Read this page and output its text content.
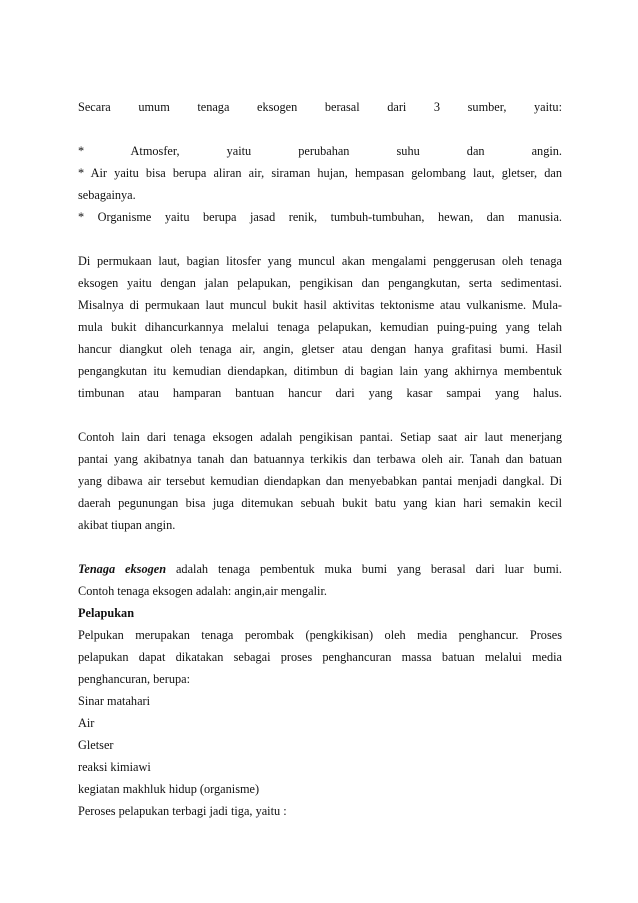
Secara umum tenaga eksogen berasal dari 3 sumber, yaitu:
* Atmosfer, yaitu perubahan suhu dan angin.
* Air yaitu bisa berupa aliran air, siraman hujan, hempasan gelombang laut, gletser, dan
sebagainya.
* Organisme yaitu berupa jasad renik, tumbuh-tumbuhan, hewan, dan manusia.
Di permukaan laut, bagian litosfer yang muncul akan mengalami penggerusan oleh tenaga
eksogen yaitu dengan jalan pelapukan, pengikisan dan pengangkutan, serta sedimentasi.
Misalnya di permukaan laut muncul bukit hasil aktivitas tektonisme atau vulkanisme. Mula-
mula bukit dihancurkannya melalui tenaga pelapukan, kemudian puing-puing yang telah
hancur diangkut oleh tenaga air, angin, gletser atau dengan hanya grafitasi bumi. Hasil
pengangkutan itu kemudian diendapkan, ditimbun di bagian lain yang akhirnya membentuk
timbunan atau hamparan bantuan hancur dari yang kasar sampai yang halus.
Contoh lain dari tenaga eksogen adalah pengikisan pantai. Setiap saat air laut menerjang
pantai yang akibatnya tanah dan batuannya terkikis dan terbawa oleh air. Tanah dan batuan
yang dibawa air tersebut kemudian diendapkan dan menyebabkan pantai menjadi dangkal. Di
daerah pegunungan bisa juga ditemukan sebuah bukit batu yang kian hari semakin kecil
akibat tiupan angin.
Tenaga eksogen adalah tenaga pembentuk muka bumi yang berasal dari luar bumi.
Contoh tenaga eksogen adalah: angin,air mengalir.
Pelapukan
Pelpukan merupakan tenaga perombak (pengkikisan) oleh media penghancur. Proses
pelapukan dapat dikatakan sebagai proses penghancuran massa batuan melalui media
penghancuran, berupa:
Sinar matahari
Air
Gletser
reaksi kimiawi
kegiatan makhluk hidup (organisme)
Peroses pelapukan terbagi jadi tiga, yaitu :
